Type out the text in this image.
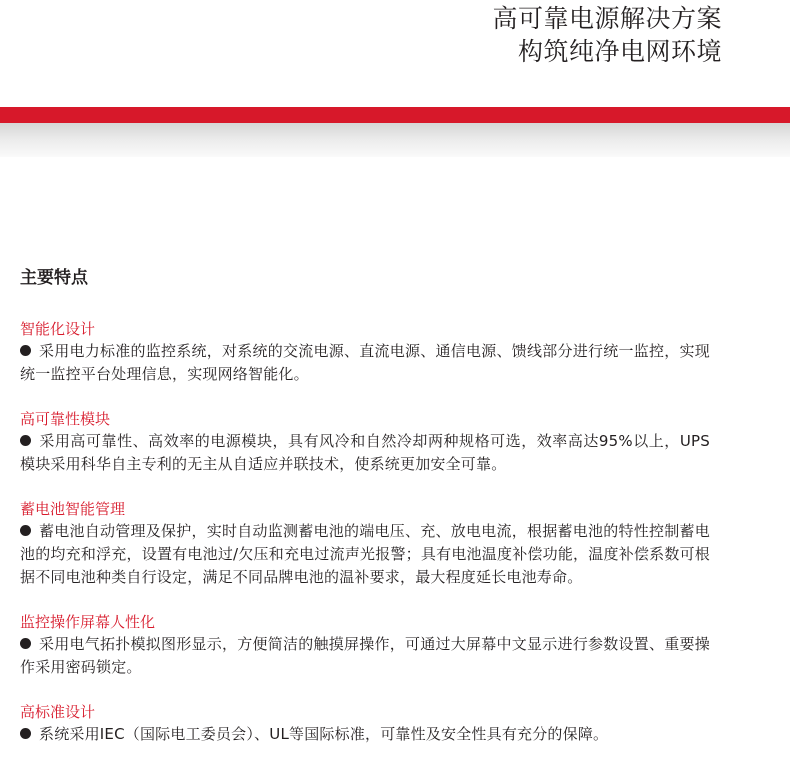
高可靠电源解决方案
构筑纯净电网环境
主要特点
智能化设计
采用电力标准的监控系统，对系统的交流电源、直流电源、通信电源、馈线部分进行统一监控，实现统一监控平台处理信息，实现网络智能化。
高可靠性模块
采用高可靠性、高效率的电源模块，具有风冷和自然冷却两种规格可选，效率高达95%以上，UPS模块采用科华自主专利的无主从自适应并联技术，使系统更加安全可靠。
蓄电池智能管理
蓄电池自动管理及保护，实时自动监测蓄电池的端电压、充、放电电流，根据蓄电池的特性控制蓄电池的均充和浮充，设置有电池过/欠压和充电过流声光报警；具有电池温度补偿功能，温度补偿系数可根据不同电池种类自行设定，满足不同品牌电池的温补要求，最大程度延长电池寿命。
监控操作屏幕人性化
采用电气拓扑模拟图形显示，方便简洁的触摸屏操作，可通过大屏幕中文显示进行参数设置、重要操作采用密码锁定。
高标准设计
系统采用IEC（国际电工委员会）、UL等国际标准，可靠性及安全性具有充分的保障。
